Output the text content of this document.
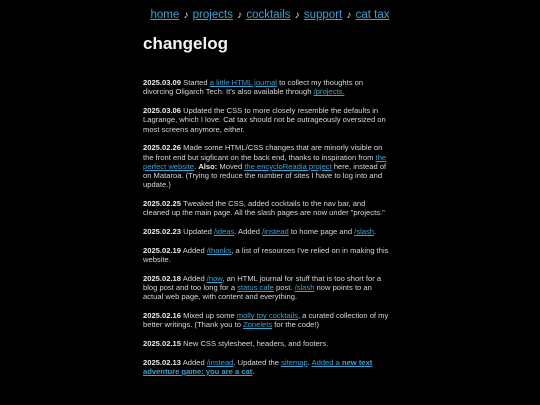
home ♪ projects ♪ cocktails ♪ support ♪ cat tax
changelog

2025.03.09 Started a little HTML journal to collect my thoughts on divorcing Oligarch Tech. It's also available through /projects.

2025.03.06 Updated the CSS to more closely resemble the defaults in Lagrange, which I love. Cat tax should not be outrageously oversized on most screens anymore, either.

2025.02.26 Made some HTML/CSS changes that are minorly visible on the front end but sigficant on the back end, thanks to inspiration from the perfect website. Also: Moved the encycloReadia project here, instead of on Mataroa. (Trying to reduce the number of sites I have to log into and update.)

2025.02.25 Tweaked the CSS, added cocktails to the nav bar, and cleaned up the main page. All the slash pages are now under "projects."

2025.02.23 Updated /ideas. Added /instead to home page and /slash.

2025.02.19 Added /thanks, a list of resources I've relied on in making this website.

2025.02.18 Added /now, an HTML journal for stuff that is too short for a blog post and too long for a status.cafe post. /slash now points to an actual web page, with content and everything.

2025.02.16 Mixed up some molly toy cocktails, a curated collection of my better writings. (Thank you to Zonelets for the code!)

2025.02.15 New CSS stylesheet, headers, and footers.

2025.02.13 Added /instead. Updated the sitemap. Added a new text adventure game: you are a cat.
